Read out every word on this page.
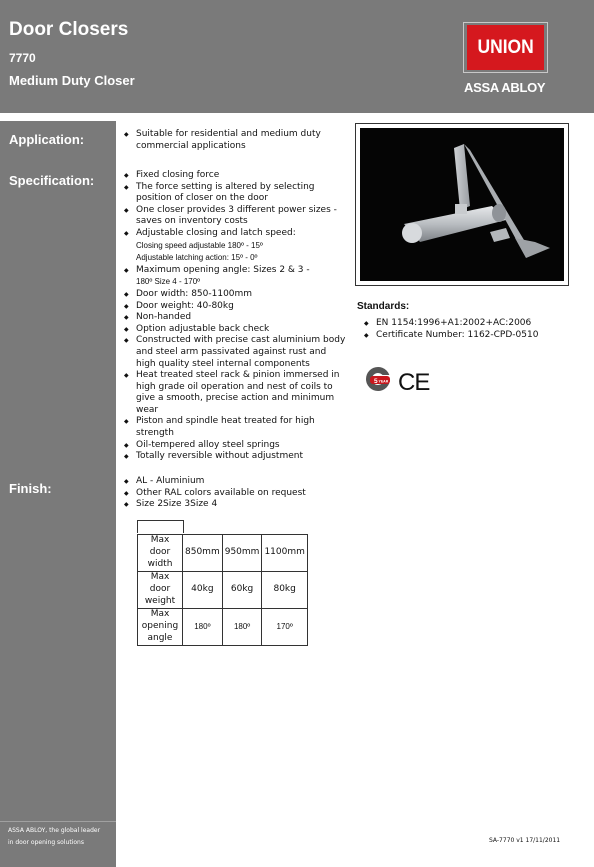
Door Closers
7770
Medium Duty Closer
UNION
ASSA ABLOY
Application:
Specification:
Finish:
ASSA ABLOY, the global leader
in door opening solutions
◆ Suitable for residential and medium duty commercial applications
◆ Fixed closing force
◆ The force setting is altered by selecting position of closer on the door
◆ One closer provides 3 different power sizes - saves on inventory costs
◆ Adjustable closing and latch speed:
Closing speed adjustable 180º - 15º
Adjustable latching action: 15º - 0º
◆ Maximum opening angle: Sizes 2 & 3 -
180º Size 4 - 170º
◆ Door width: 850-1100mm
◆ Door weight: 40-80kg
◆ Non-handed
◆ Option adjustable back check
◆ Constructed with precise cast aluminium body and steel arm passivated against rust and high quality steel internal components
◆ Heat treated steel rack & pinion immersed in high grade oil operation and nest of coils to give a smooth, precise action and minimum wear
◆ Piston and spindle heat treated for high strength
◆ Oil-tempered alloy steel springs
◆ Totally reversible without adjustment
◆ AL - Aluminium
◆ Other RAL colors available on request
◆ Size 2Size 3Size 4
Max door width	850mm	950mm	1100mm
Max door weight	40kg	60kg	80kg
Max opening angle	180º	180º	170º
Standards:
◆ EN 1154:1996+A1:2002+AC:2006
◆ Certificate Number: 1162-CPD-0510
5 YEAR CE
SA-7770 v1 17/11/2011
